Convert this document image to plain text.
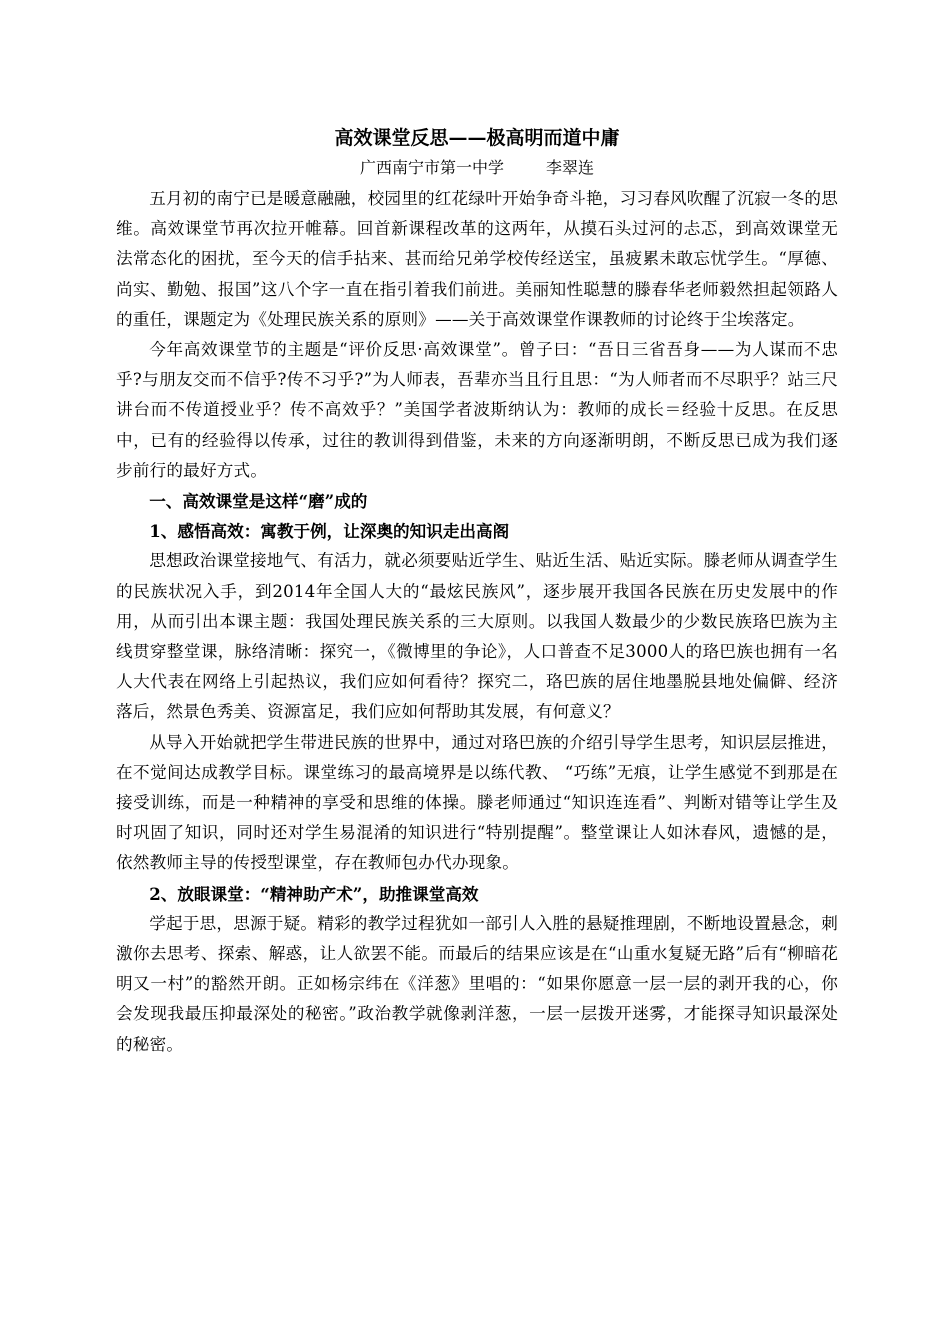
高效课堂反思——极高明而道中庸
广西南宁市第一中学	李翠连

五月初的南宁已是暖意融融，校园里的红花绿叶开始争奇斗艳，习习春风吹醒了沉寂一冬的思维。高效课堂节再次拉开帷幕。回首新课程改革的这两年，从摸石头过河的忐忑，到高效课堂无法常态化的困扰，至今天的信手拈来、甚而给兄弟学校传经送宝，虽疲累未敢忘忧学生。“厚德、尚实、勤勉、报国”这八个字一直在指引着我们前进。美丽知性聪慧的滕春华老师毅然担起领路人的重任，课题定为《处理民族关系的原则》——关于高效课堂作课教师的讨论终于尘埃落定。

今年高效课堂节的主题是“评价反思·高效课堂”。曾子曰：“吾日三省吾身——为人谋而不忠乎?与朋友交而不信乎?传不习乎?”为人师表，吾辈亦当且行且思：“为人师者而不尽职乎？站三尺讲台而不传道授业乎？传不高效乎？”美国学者波斯纳认为：教师的成长＝经验十反思。在反思中，已有的经验得以传承，过往的教训得到借鉴，未来的方向逐渐明朗，不断反思已成为我们逐步前行的最好方式。

一、高效课堂是这样“磨”成的
1、感悟高效：寓教于例，让深奥的知识走出高阁

思想政治课堂接地气、有活力，就必须要贴近学生、贴近生活、贴近实际。滕老师从调查学生的民族状况入手，到2014年全国人大的“最炫民族风”，逐步展开我国各民族在历史发展中的作用，从而引出本课主题：我国处理民族关系的三大原则。以我国人数最少的少数民族珞巴族为主线贯穿整堂课，脉络清晰：探究一，《微博里的争论》，人口普查不足3000人的珞巴族也拥有一名人大代表在网络上引起热议，我们应如何看待？探究二，珞巴族的居住地墨脱县地处偏僻、经济落后，然景色秀美、资源富足，我们应如何帮助其发展，有何意义？

从导入开始就把学生带进民族的世界中，通过对珞巴族的介绍引导学生思考，知识层层推进，在不觉间达成教学目标。课堂练习的最高境界是以练代教、 “巧练”无痕，让学生感觉不到那是在接受训练，而是一种精神的享受和思维的体操。滕老师通过“知识连连看”、判断对错等让学生及时巩固了知识，同时还对学生易混淆的知识进行“特别提醒”。整堂课让人如沐春风，遗憾的是，依然教师主导的传授型课堂，存在教师包办代办现象。

2、放眼课堂：“精神助产术”，助推课堂高效

学起于思，思源于疑。精彩的教学过程犹如一部引人入胜的悬疑推理剧，不断地设置悬念，刺激你去思考、探索、解惑，让人欲罢不能。而最后的结果应该是在“山重水复疑无路”后有“柳暗花明又一村”的豁然开朗。正如杨宗纬在《洋葱》里唱的：“如果你愿意一层一层的剥开我的心，你会发现我最压抑最深处的秘密。”政治教学就像剥洋葱，一层一层拨开迷雾，才能探寻知识最深处的秘密。
